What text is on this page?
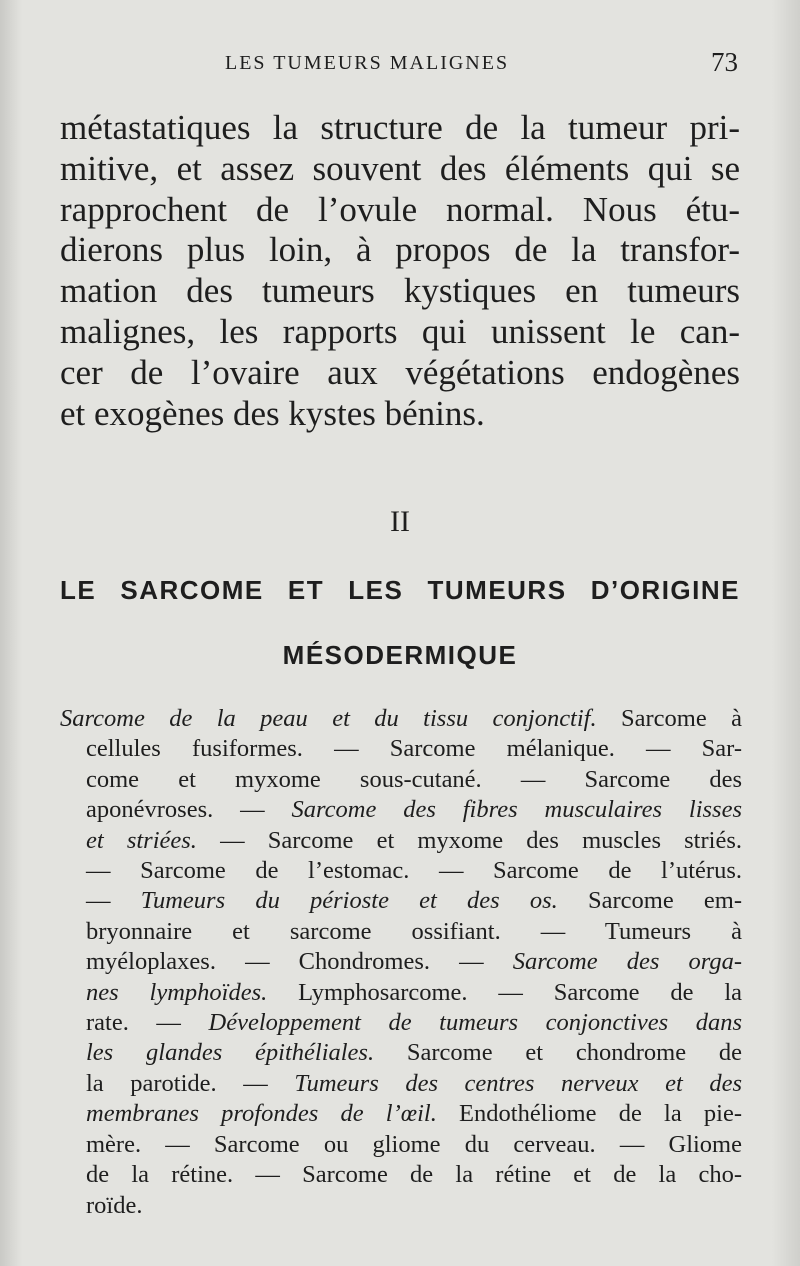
LES TUMEURS MALIGNES	73
métastatiques la structure de la tumeur pri-
mitive, et assez souvent des éléments qui se
rapprochent de l’ovule normal. Nous étu-
dierons plus loin, à propos de la transfor-
mation des tumeurs kystiques en tumeurs
malignes, les rapports qui unissent le can-
cer de l’ovaire aux végétations endogènes
et exogènes des kystes bénins.
II
LE SARCOME ET LES TUMEURS D’ORIGINE
MÉSODERMIQUE
Sarcome de la peau et du tissu conjonctif. Sarcome à
cellules fusiformes. — Sarcome mélanique. — Sar-
come et myxome sous-cutané. — Sarcome des
aponévroses. — Sarcome des fibres musculaires lisses
et striées. — Sarcome et myxome des muscles striés.
— Sarcome de l’estomac. — Sarcome de l’utérus.
— Tumeurs du périoste et des os. Sarcome em-
bryonnaire et sarcome ossifiant. — Tumeurs à
myéloplaxes. — Chondromes. — Sarcome des orga-
nes lymphoïdes. Lymphosarcome. — Sarcome de la
rate. — Développement de tumeurs conjonctives dans
les glandes épithéliales. Sarcome et chondrome de
la parotide. — Tumeurs des centres nerveux et des
membranes profondes de l’œil. Endothéliome de la pie-
mère. — Sarcome ou gliome du cerveau. — Gliome
de la rétine. — Sarcome de la rétine et de la cho-
roïde.
